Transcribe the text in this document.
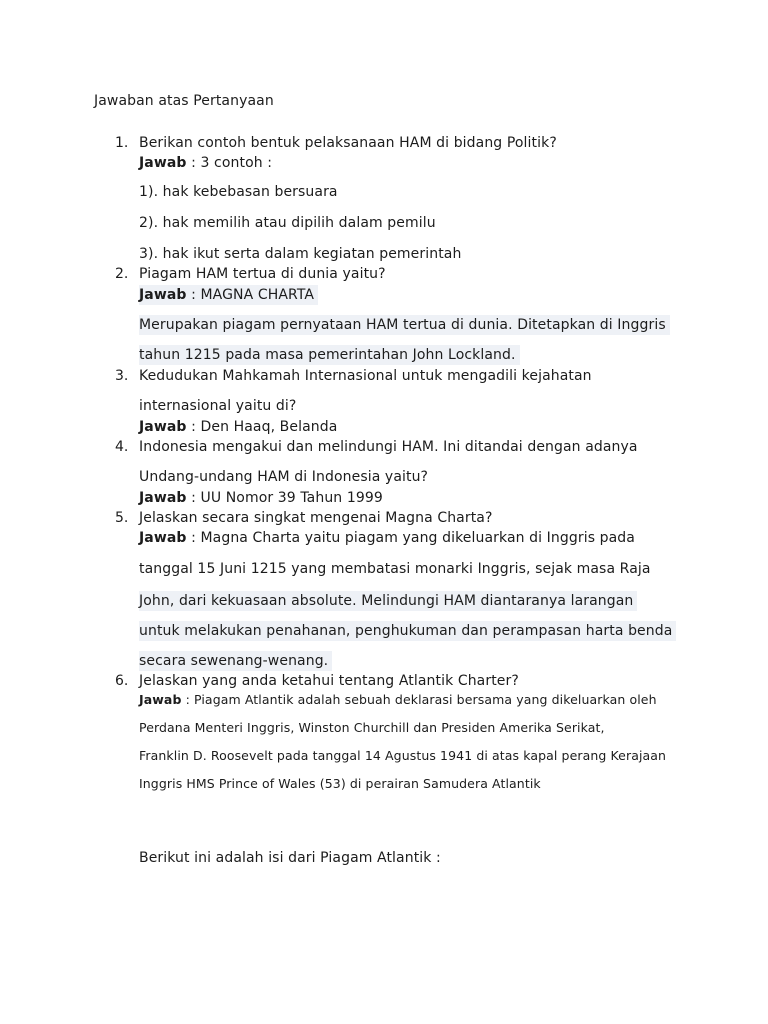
Jawaban atas Pertanyaan
1. Berikan contoh bentuk pelaksanaan HAM di bidang Politik?
Jawab : 3 contoh :
1). hak kebebasan bersuara
2). hak memilih atau dipilih dalam pemilu
3). hak ikut serta dalam kegiatan pemerintah
2. Piagam HAM tertua di dunia yaitu?
Jawab : MAGNA CHARTA
Merupakan piagam pernyataan HAM tertua di dunia. Ditetapkan di Inggris
tahun 1215 pada masa pemerintahan John Lockland.
3. Kedudukan Mahkamah Internasional untuk mengadili kejahatan
internasional yaitu di?
Jawab : Den Haaq, Belanda
4. Indonesia mengakui dan melindungi HAM. Ini ditandai dengan adanya
Undang-undang HAM di Indonesia yaitu?
Jawab : UU Nomor 39 Tahun 1999
5. Jelaskan secara singkat mengenai Magna Charta?
Jawab : Magna Charta yaitu piagam yang dikeluarkan di Inggris pada
tanggal 15 Juni 1215 yang membatasi monarki Inggris, sejak masa Raja
John, dari kekuasaan absolute. Melindungi HAM diantaranya larangan
untuk melakukan penahanan, penghukuman dan perampasan harta benda
secara sewenang-wenang.
6. Jelaskan yang anda ketahui tentang Atlantik Charter?
Jawab : Piagam Atlantik adalah sebuah deklarasi bersama yang dikeluarkan oleh
Perdana Menteri Inggris, Winston Churchill dan Presiden Amerika Serikat,
Franklin D. Roosevelt pada tanggal 14 Agustus 1941 di atas kapal perang Kerajaan
Inggris HMS Prince of Wales (53) di perairan Samudera Atlantik
Berikut ini adalah isi dari Piagam Atlantik :
